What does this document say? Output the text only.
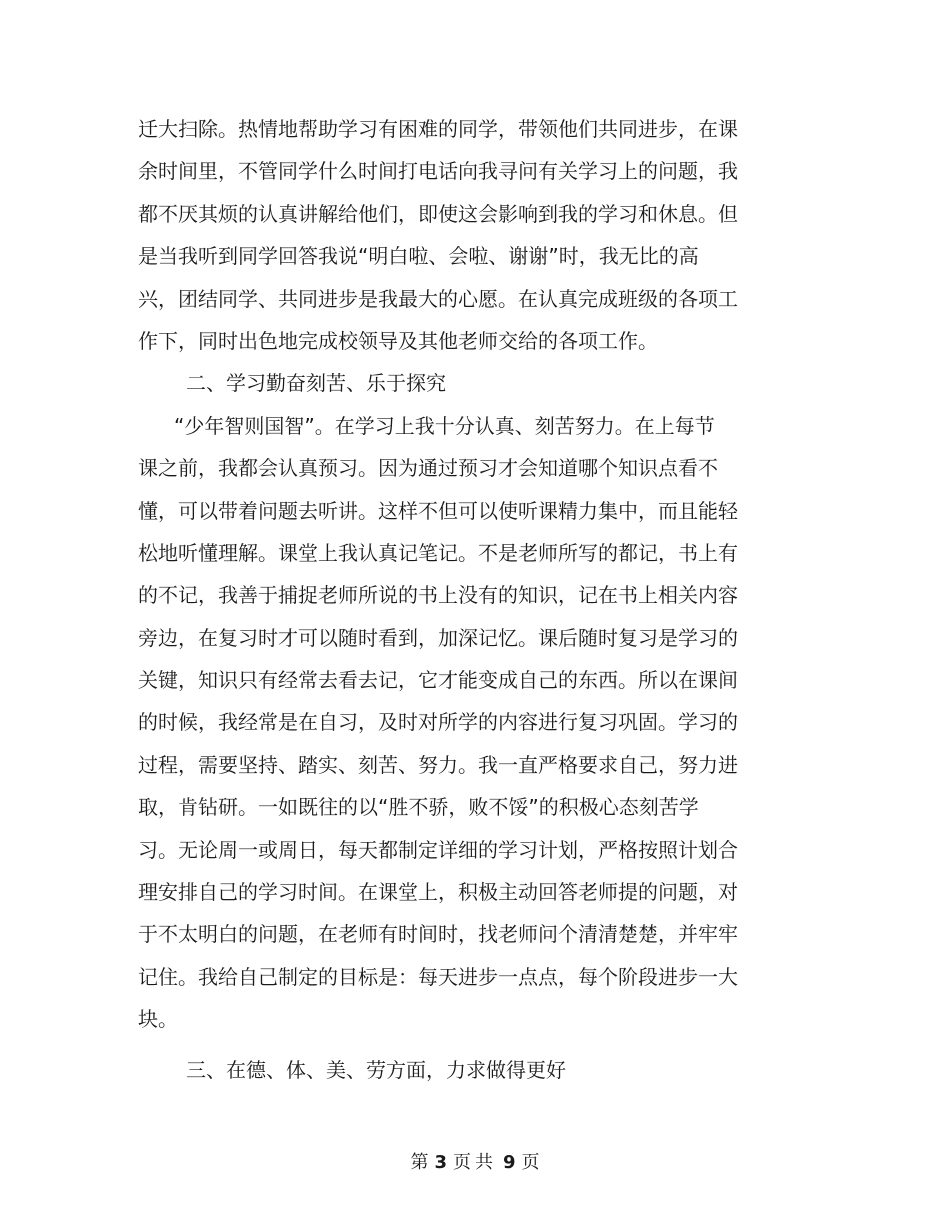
迁大扫除。热情地帮助学习有困难的同学，带领他们共同进步，在课
余时间里，不管同学什么时间打电话向我寻问有关学习上的问题，我
都不厌其烦的认真讲解给他们，即使这会影响到我的学习和休息。但
是当我听到同学回答我说“明白啦、会啦、谢谢”时，我无比的高
兴，团结同学、共同进步是我最大的心愿。在认真完成班级的各项工
作下，同时出色地完成校领导及其他老师交给的各项工作。
二、学习勤奋刻苦、乐于探究
“少年智则国智”。在学习上我十分认真、刻苦努力。在上每节
课之前，我都会认真预习。因为通过预习才会知道哪个知识点看不
懂，可以带着问题去听讲。这样不但可以使听课精力集中，而且能轻
松地听懂理解。课堂上我认真记笔记。不是老师所写的都记，书上有
的不记，我善于捕捉老师所说的书上没有的知识，记在书上相关内容
旁边，在复习时才可以随时看到，加深记忆。课后随时复习是学习的
关键，知识只有经常去看去记，它才能变成自己的东西。所以在课间
的时候，我经常是在自习，及时对所学的内容进行复习巩固。学习的
过程，需要坚持、踏实、刻苦、努力。我一直严格要求自己，努力进
取，肯钻研。一如既往的以“胜不骄，败不馁”的积极心态刻苦学
习。无论周一或周日，每天都制定详细的学习计划，严格按照计划合
理安排自己的学习时间。在课堂上，积极主动回答老师提的问题，对
于不太明白的问题，在老师有时间时，找老师问个清清楚楚，并牢牢
记住。我给自己制定的目标是：每天进步一点点，每个阶段进步一大
块。
三、在德、体、美、劳方面，力求做得更好
第 3 页 共 9 页
